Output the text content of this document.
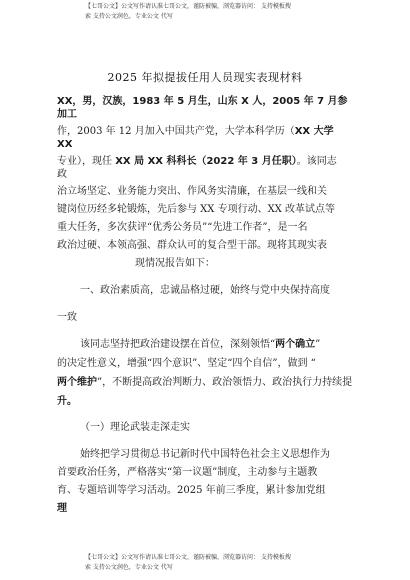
【七哥公文】公文写作请认准七哥公文，谨防被骗，浏览器访问： 支持模板搜
索 支持公文润色，专业公文 代写
2025 年拟提拔任用人员现实表现材料
XX，男，汉族，1983 年 5 月生，山东 X 人，2005 年 7 月参
加工
作，2003 年 12 月加入中国共产党，大学本科学历（XX 大学
XX
专业），现任 XX 局 XX 科科长（2022 年 3 月任职）。该同志
政
治立场坚定、业务能力突出、作风务实清廉，在基层一线和关
键岗位历经多轮锻炼，先后参与 XX 专项行动、XX 改革试点等
重大任务，多次获评“优秀公务员”“先进工作者”，是一名
政治过硬、本领高强、群众认可的复合型干部。现将其现实表
现情况报告如下：
一、政治素质高，忠诚品格过硬，始终与党中央保持高度
一致
该同志坚持把政治建设摆在首位，深刻领悟“两个确立”
的决定性意义，增强“四个意识”、坚定“四个自信”，做到 “
两个维护”，不断提高政治判断力、政治领悟力、政治执行力持续提
升。
（一）理论武装走深走实
始终把学习贯彻总书记新时代中国特色社会主义思想作为
首要政治任务，严格落实“第一议题”制度，主动参与主题教
育、专题培训等学习活动。2025 年前三季度，累计参加党组
理
【七哥公文】公文写作请认准七哥公文，谨防被骗，浏览器访问： 支持模板搜
索 支持公文润色，专业公文 代写
